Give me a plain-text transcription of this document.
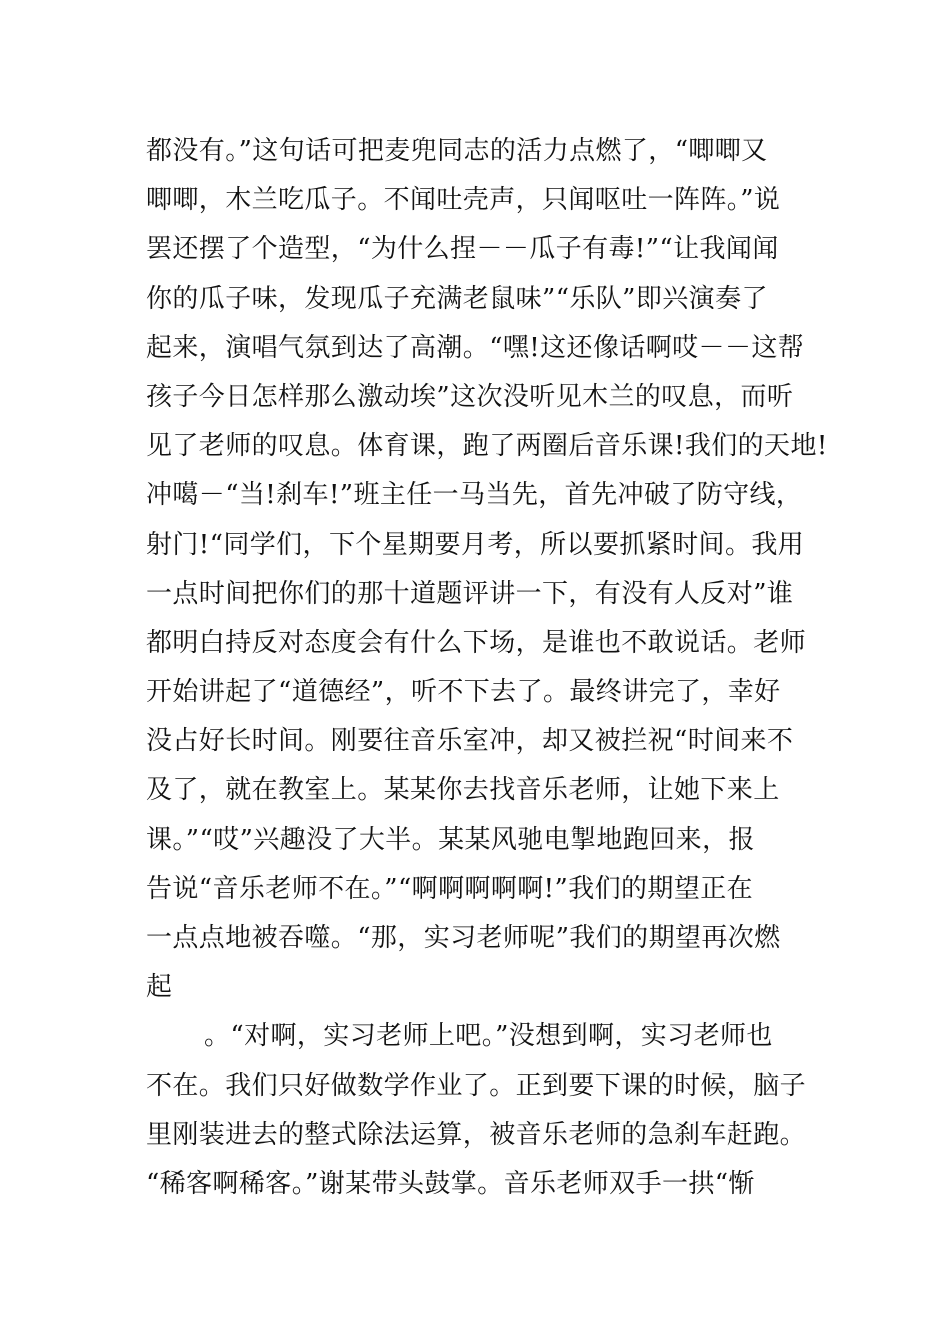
都没有。”这句话可把麦兜同志的活力点燃了，“唧唧又
唧唧，木兰吃瓜子。不闻吐壳声，只闻呕吐一阵阵。”说
罢还摆了个造型，“为什么捏－－瓜子有毒!”“让我闻闻
你的瓜子味，发现瓜子充满老鼠味”“乐队”即兴演奏了
起来，演唱气氛到达了高潮。“嘿!这还像话啊哎－－这帮
孩子今日怎样那么激动埃”这次没听见木兰的叹息，而听
见了老师的叹息。体育课，跑了两圈后音乐课!我们的天地!
冲噶－“当!刹车!”班主任一马当先，首先冲破了防守线，
射门!“同学们，下个星期要月考，所以要抓紧时间。我用
一点时间把你们的那十道题评讲一下，有没有人反对”谁
都明白持反对态度会有什么下场，是谁也不敢说话。老师
开始讲起了“道德经”，听不下去了。最终讲完了，幸好
没占好长时间。刚要往音乐室冲，却又被拦祝“时间来不
及了，就在教室上。某某你去找音乐老师，让她下来上
课。”“哎”兴趣没了大半。某某风驰电掣地跑回来，报
告说“音乐老师不在。”“啊啊啊啊啊!”我们的期望正在
一点点地被吞噬。“那，实习老师呢”我们的期望再次燃
起
。“对啊，实习老师上吧。”没想到啊，实习老师也
不在。我们只好做数学作业了。正到要下课的时候，脑子
里刚装进去的整式除法运算，被音乐老师的急刹车赶跑。
“稀客啊稀客。”谢某带头鼓掌。音乐老师双手一拱“惭
